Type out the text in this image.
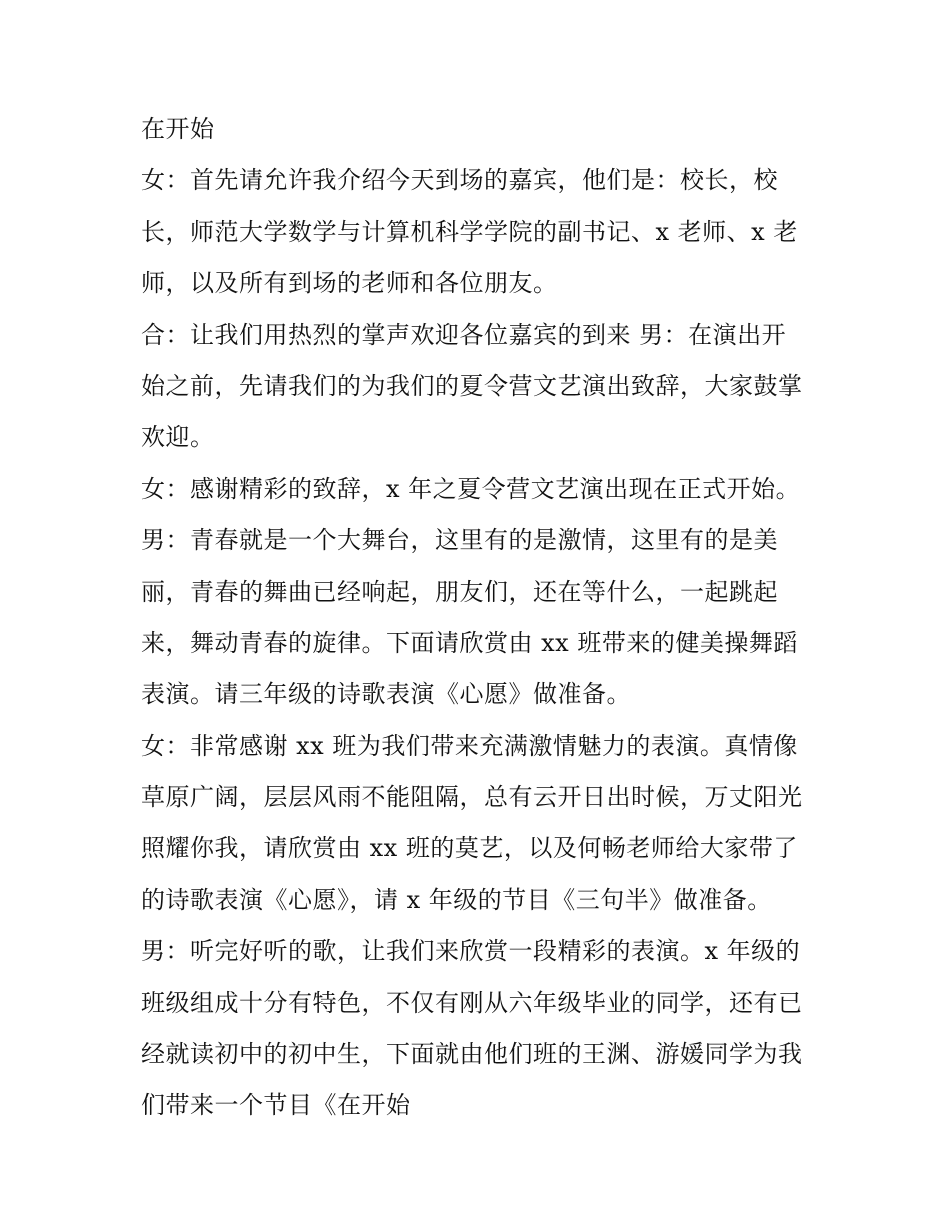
在开始
女：首先请允许我介绍今天到场的嘉宾，他们是：校长，校
长，师范大学数学与计算机科学学院的副书记、x 老师、x 老
师，以及所有到场的老师和各位朋友。
合：让我们用热烈的掌声欢迎各位嘉宾的到来 男：在演出开
始之前，先请我们的为我们的夏令营文艺演出致辞，大家鼓掌
欢迎。
女：感谢精彩的致辞，x 年之夏令营文艺演出现在正式开始。
男：青春就是一个大舞台，这里有的是激情，这里有的是美
丽，青春的舞曲已经响起，朋友们，还在等什么，一起跳起
来，舞动青春的旋律。下面请欣赏由 xx 班带来的健美操舞蹈
表演。请三年级的诗歌表演《心愿》做准备。
女：非常感谢 xx 班为我们带来充满激情魅力的表演。真情像
草原广阔，层层风雨不能阻隔，总有云开日出时候，万丈阳光
照耀你我，请欣赏由 xx 班的莫艺，以及何畅老师给大家带了
的诗歌表演《心愿》，请 x 年级的节目《三句半》做准备。
男：听完好听的歌，让我们来欣赏一段精彩的表演。x 年级的
班级组成十分有特色，不仅有刚从六年级毕业的同学，还有已
经就读初中的初中生，下面就由他们班的王渊、游媛同学为我
们带来一个节目《在开始
